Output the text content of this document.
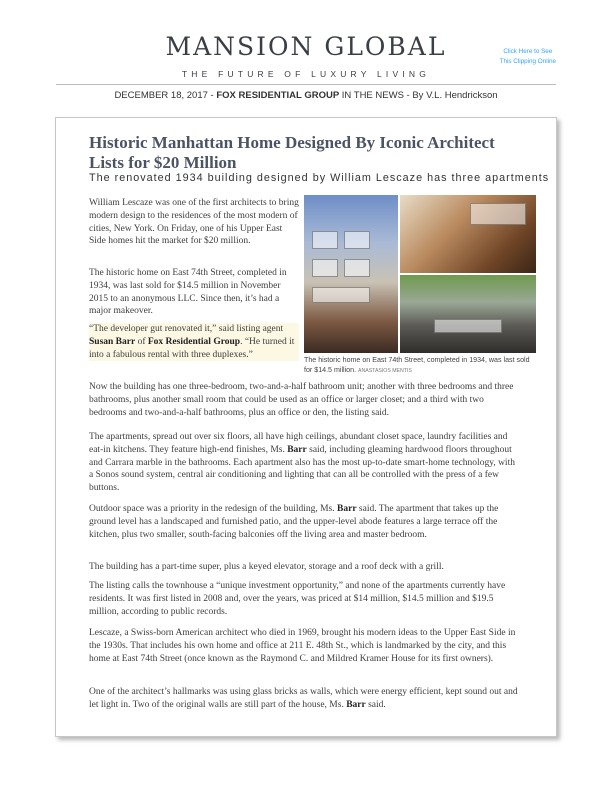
MANSION GLOBAL
THE FUTURE OF LUXURY LIVING
Click Here to See
This Clipping Online
DECEMBER 18, 2017 - FOX RESIDENTIAL GROUP IN THE NEWS - By V.L. Hendrickson
Historic Manhattan Home Designed By Iconic Architect Lists for $20 Million
The renovated 1934 building designed by William Lescaze has three apartments
William Lescaze was one of the first architects to bring modern design to the residences of the most modern of cities, New York. On Friday, one of his Upper East Side homes hit the market for $20 million.
The historic home on East 74th Street, completed in 1934, was last sold for $14.5 million in November 2015 to an anonymous LLC. Since then, it’s had a major makeover.
“The developer gut renovated it,” said listing agent Susan Barr of Fox Residential Group. “He turned it into a fabulous rental with three duplexes.”
The historic home on East 74th Street, completed in 1934, was last sold for $14.5 million. ANASTASIOS MENTIS
Now the building has one three-bedroom, two-and-a-half bathroom unit; another with three bedrooms and three bathrooms, plus another small room that could be used as an office or larger closet; and a third with two bedrooms and two-and-a-half bathrooms, plus an office or den, the listing said.
The apartments, spread out over six floors, all have high ceilings, abundant closet space, laundry facilities and eat-in kitchens. They feature high-end finishes, Ms. Barr said, including gleaming hardwood floors throughout and Carrara marble in the bathrooms. Each apartment also has the most up-to-date smart-home technology, with a Sonos sound system, central air conditioning and lighting that can all be controlled with the press of a few buttons.
Outdoor space was a priority in the redesign of the building, Ms. Barr said. The apartment that takes up the ground level has a landscaped and furnished patio, and the upper-level abode features a large terrace off the kitchen, plus two smaller, south-facing balconies off the living area and master bedroom.
The building has a part-time super, plus a keyed elevator, storage and a roof deck with a grill.
The listing calls the townhouse a “unique investment opportunity,” and none of the apartments currently have residents. It was first listed in 2008 and, over the years, was priced at $14 million, $14.5 million and $19.5 million, according to public records.
Lescaze, a Swiss-born American architect who died in 1969, brought his modern ideas to the Upper East Side in the 1930s. That includes his own home and office at 211 E. 48th St., which is landmarked by the city, and this home at East 74th Street (once known as the Raymond C. and Mildred Kramer House for its first owners).
One of the architect’s hallmarks was using glass bricks as walls, which were energy efficient, kept sound out and let light in. Two of the original walls are still part of the house, Ms. Barr said.
